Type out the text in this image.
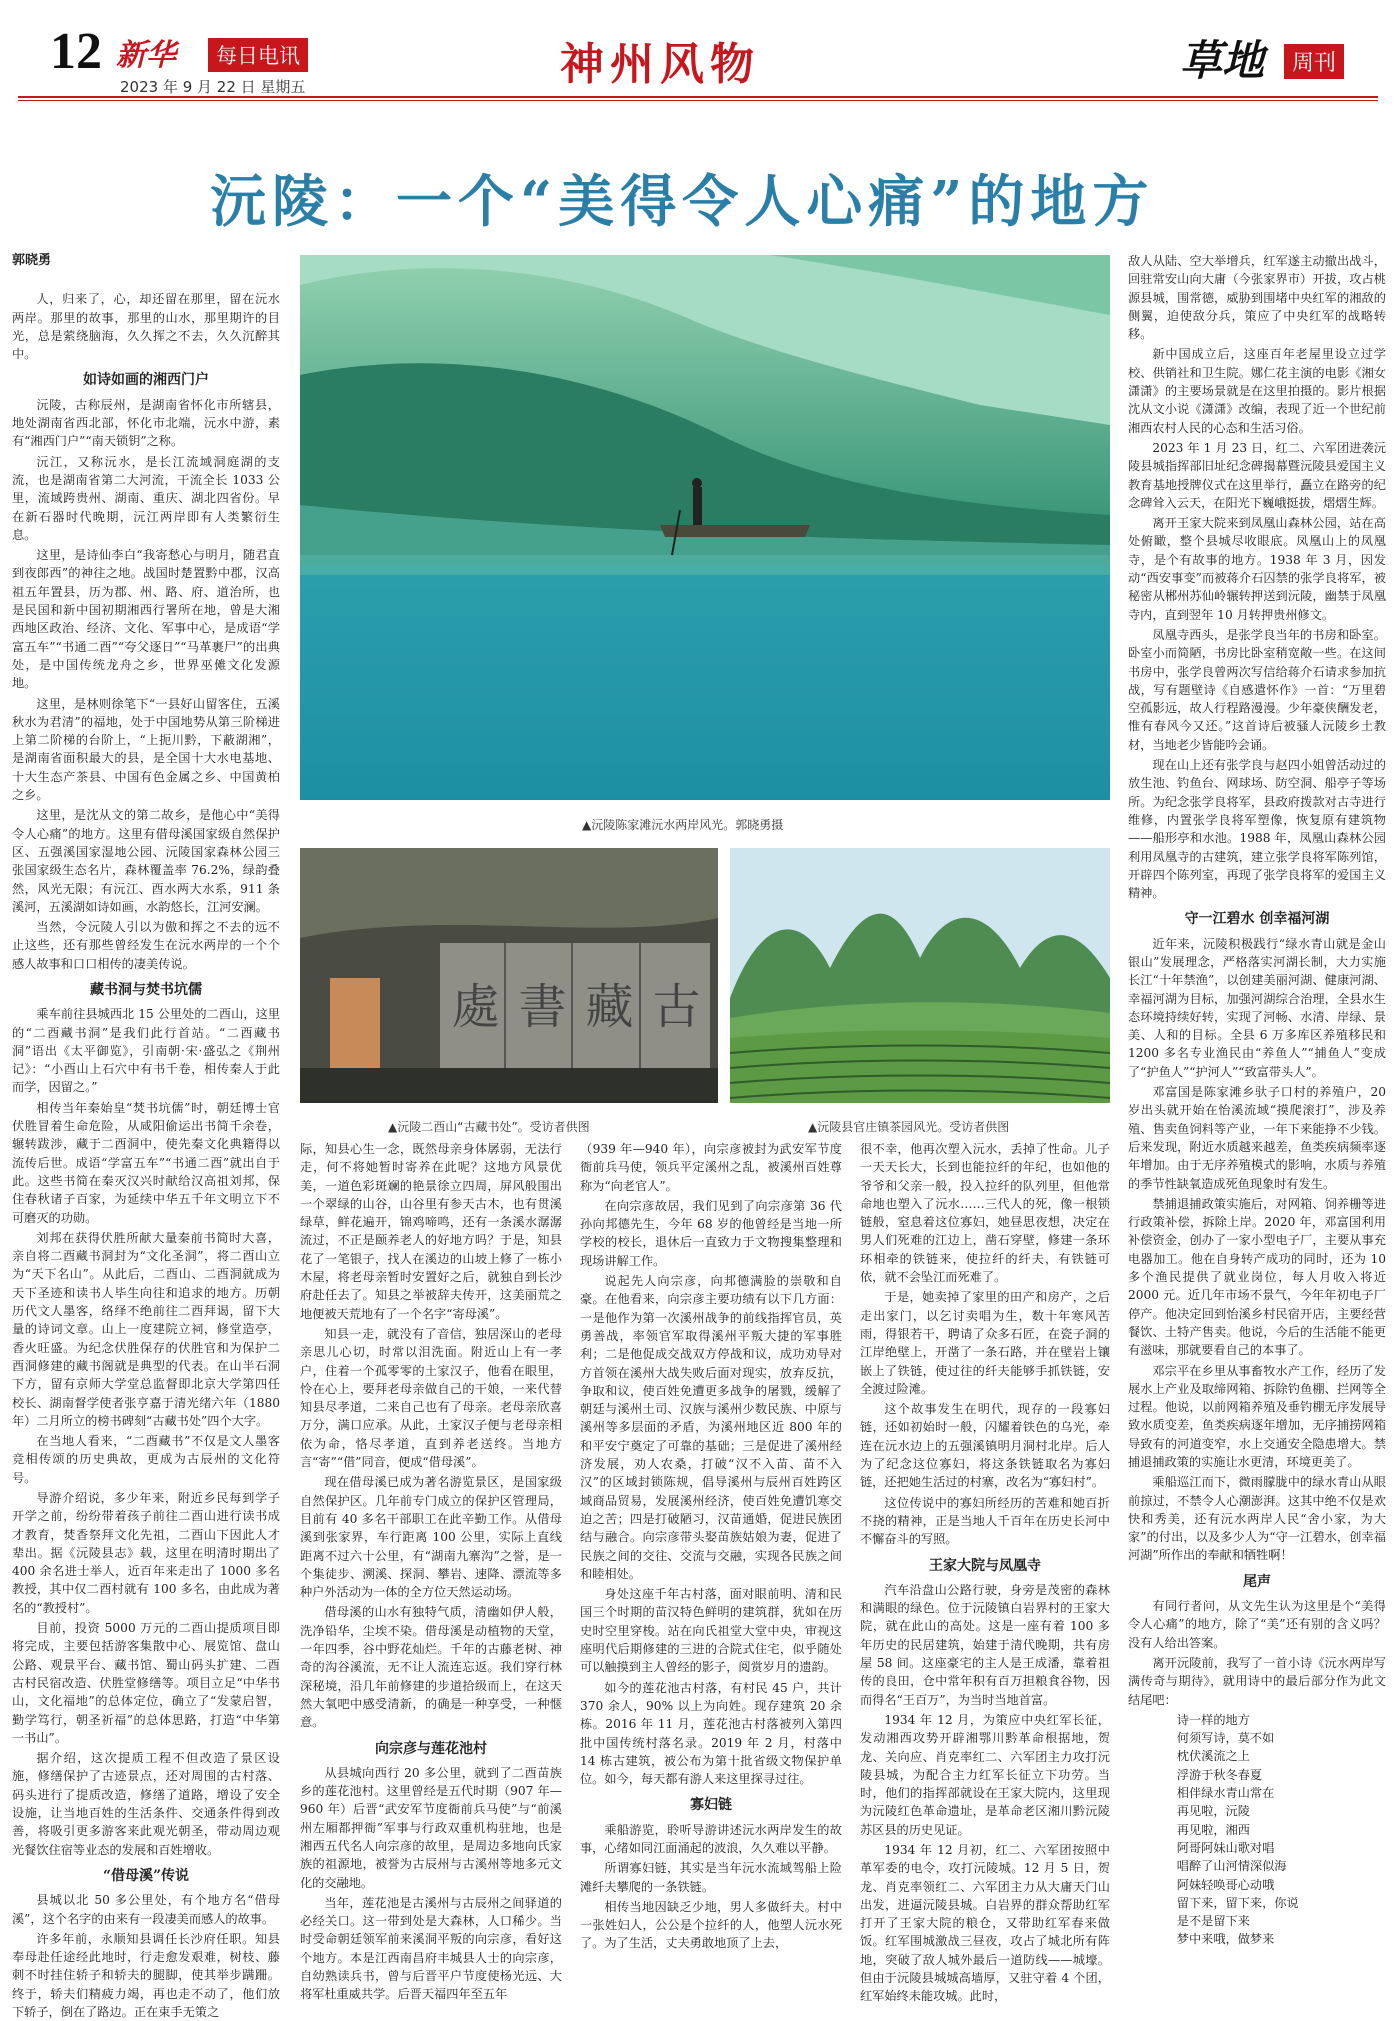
12 新华	每日电讯
2023 年 9 月 22 日 星期五	神州风物	草地	周刊
沅陵：一个“美得令人心痛”的地方
▲沅陵陈家滩沅水两岸风光。郭晓勇摄
古
藏
書
處
▲沅陵二酉山“古藏书处”。受访者供图	▲沅陵县官庄镇茶园风光。受访者供图

郭晓勇

人，归来了，心，却还留在那里，留在沅水两岸。那里的故事，那里的山水，那里期许的目光，总是萦绕脑海，久久挥之不去，久久沉醉其中。

如诗如画的湘西门户

沅陵，古称辰州，是湖南省怀化市所辖县，地处湖南省西北部，怀化市北端，沅水中游，素有“湘西门户”“南天锁钥”之称。

沅江，又称沅水，是长江流域洞庭湖的支流，也是湖南省第二大河流，干流全长 1033 公里，流域跨贵州、湖南、重庆、湖北四省份。早在新石器时代晚期，沅江两岸即有人类繁衍生息。

这里，是诗仙李白“我寄愁心与明月，随君直到夜郎西”的神往之地。战国时楚置黔中郡，汉高祖五年置县，历为郡、州、路、府、道治所，也是民国和新中国初期湘西行署所在地，曾是大湘西地区政治、经济、文化、军事中心，是成语“学富五车”“书通二酉”“夸父逐日”“马革裹尸”的出典处，是中国传统龙舟之乡，世界巫傩文化发源地。

这里，是林则徐笔下“一县好山留客住，五溪秋水为君清”的福地，处于中国地势从第三阶梯进上第二阶梯的台阶上，“上扼川黔，下蔽湖湘”，是湖南省面积最大的县，是全国十大水电基地、十大生态产茶县、中国有色金属之乡、中国黄柏之乡。

这里，是沈从文的第二故乡，是他心中“美得令人心痛”的地方。这里有借母溪国家级自然保护区、五强溪国家湿地公园、沅陵国家森林公园三张国家级生态名片，森林覆盖率 76.2%，绿韵叠然，风光无限；有沅江、酉水两大水系，911 条溪河，五溪湖如诗如画，水韵悠长，江河安澜。

当然，令沅陵人引以为傲和挥之不去的远不止这些，还有那些曾经发生在沅水两岸的一个个感人故事和口口相传的凄美传说。

藏书洞与焚书坑儒

乘车前往县城西北 15 公里处的二酉山，这里的“二酉藏书洞”是我们此行首站。“二酉藏书洞”语出《太平御览》，引南朝·宋·盛弘之《荆州记》：“小酉山上石穴中有书千卷，相传秦人于此而学，因留之。”

相传当年秦始皇“焚书坑儒”时，朝廷博士官伏胜冒着生命危险，从咸阳偷运出书简千余卷，辗转跋涉，藏于二酉洞中，使先秦文化典籍得以流传后世。成语“学富五车”“书通二酉”就出自于此。这些书简在秦灭汉兴时献给汉高祖刘邦，保住春秋诸子百家，为延续中华五千年文明立下不可磨灭的功勋。

刘邦在获得伏胜所献大量秦前书简时大喜，亲自将二酉藏书洞封为“文化圣洞”，将二酉山立为“天下名山”。从此后，二酉山、二酉洞就成为天下圣迹和读书人毕生向往和追求的地方。历朝历代文人墨客，络绎不绝前往二酉拜谒，留下大量的诗词文章。山上一度建院立祠，修堂造亭，香火旺盛。为纪念伏胜保存的伏胜官和为保护二酉洞修建的藏书阁就是典型的代表。在山半石洞下方，留有京师大学堂总监督即北京大学第四任校长、湖南督学使者张亨嘉于清光绪六年（1880 年）二月所立的榜书碑刻“古藏书处”四个大字。

在当地人看来，“二酉藏书”不仅是文人墨客竞相传颂的历史典故，更成为古辰州的文化符号。

导游介绍说，多少年来，附近乡民每到学子开学之前，纷纷带着孩子前往二酉山进行读书成才教育，焚香祭拜文化先祖，二酉山下因此人才辈出。据《沅陵县志》载，这里在明清时期出了 400 余名进士举人，近百年来走出了 1000 多名教授，其中仅二酉村就有 100 多名，由此成为著名的“教授村”。

目前，投资 5000 万元的二酉山提质项目即将完成，主要包括游客集散中心、展览馆、盘山公路、观景平台、藏书馆、蜀山码头扩建、二酉古村民宿改造、伏胜堂修缮等。项目立足“中华书山，文化福地”的总体定位，确立了“发蒙启智，勤学笃行，朝圣祈福”的总体思路，打造“中华第一书山”。

据介绍，这次提质工程不但改造了景区设施，修缮保护了古迹景点，还对周围的古村落、码头进行了提质改造，修缮了道路，增设了安全设施，让当地百姓的生活条件、交通条件得到改善，将吸引更多游客来此观光朝圣，带动周边观光餐饮住宿等业态的发展和百姓增收。

“借母溪”传说

县城以北 50 多公里处，有个地方名“借母溪”，这个名字的由来有一段凄美而感人的故事。

许多年前，永顺知县调任长沙府任职。知县奉母赴任途经此地时，行走愈发艰难，树枝、藤刺不时挂住轿子和轿夫的腿脚，使其举步蹒跚。终于，轿夫们精疲力竭，再也走不动了，他们放下轿子，倒在了路边。正在束手无策之

际，知县心生一念，既然母亲身体孱弱，无法行走，何不将她暂时寄养在此呢？这地方风景优美，一道色彩斑斓的艳景徐立四周，屏风般围出一个翠绿的山谷，山谷里有参天古木，也有贯溪绿草，鲜花遍开，锦鸡啼鸣，还有一条溪水潺潺流过，不正是颐养老人的好地方吗？于是，知县花了一笔银子，找人在溪边的山坡上修了一栋小木屋，将老母亲暂时安置好之后，就独自到长沙府赴任去了。知县之举被辞夫传开，这美丽荒之地便被天荒地有了一个名字“寄母溪”。

知县一走，就没有了音信，独居深山的老母亲思儿心切，时常以泪洗面。附近山上有一孝户，住着一个孤零零的土家汉子，他看在眼里，怜在心上，要拜老母亲做自己的干娘，一来代替知县尽孝道，二来自己也有了母亲。老母亲欣喜万分，满口应承。从此，土家汉子便与老母亲相依为命，恪尽孝道，直到养老送终。当地方言“寄”“借”同音，便成“借母溪”。

现在借母溪已成为著名游览景区，是国家级自然保护区。几年前专门成立的保护区管理局，目前有 40 多名干部职工在此辛勤工作。从借母溪到张家界，车行距离 100 公里，实际上直线距离不过六十公里，有“湖南九寨沟”之誉，是一个集徒步、溯溪、探洞、攀岩、速降、漂流等多种户外活动为一体的全方位天然运动场。

借母溪的山水有独特气质，清幽如伊人般，洗净铅华，尘埃不染。借母溪是动植物的天堂，一年四季，谷中野花灿烂。千年的古藤老树、神奇的沟谷溪流，无不让人流连忘返。我们穿行林深秘境，沿几年前修建的步道拾级而上，在这天然大氧吧中感受清新，的确是一种享受，一种惬意。

向宗彦与莲花池村

从县城向西行 20 多公里，就到了二酉苗族乡的莲花池村。这里曾经是五代时期（907 年—960 年）后晋“武安军节度衙前兵马使”与“前溪州左厢都押衙”军事与行政双重机构驻地，也是湘西五代名人向宗彦的故里，是周边多地向氏家族的祖源地，被誉为古辰州与古溪州等地多元文化的交融地。

当年，莲花池是古溪州与古辰州之间驿道的必经关口。这一带到处是大森林，人口稀少。当时受命朝廷领军前来溪洞平叛的向宗彦，看好这个地方。本是江西南昌府丰城县人士的向宗彦，自幼熟读兵书，曾与后晋平户节度使杨光远、大将军杜重威共学。后晋天福四年至五年

（939 年—940 年），向宗彦被封为武安军节度衙前兵马使，领兵平定溪州之乱，被溪州百姓尊称为“向老官人”。

在向宗彦故居，我们见到了向宗彦第 36 代孙向邦德先生，今年 68 岁的他曾经是当地一所学校的校长，退休后一直致力于文物搜集整理和现场讲解工作。

说起先人向宗彦，向邦德满脸的崇敬和自豪。在他看来，向宗彦主要功绩有以下几方面：一是他作为第一次溪州战争的前线指挥官员，英勇善战，率领官军取得溪州平叛大捷的军事胜利；二是他促成交战双方停战和议，成功劝导对方首领在溪州大战失败后面对现实，放弃反抗，争取和议，使百姓免遭更多战争的屠戮，缓解了朝廷与溪州土司、汉族与溪州少数民族、中原与溪州等多层面的矛盾，为溪州地区近 800 年的和平安宁奠定了可靠的基础；三是促进了溪州经济发展，劝人农桑，打破“汉不入苗、苗不入汉”的区域封锁陈规，倡导溪州与辰州百姓跨区域商品贸易，发展溪州经济，使百姓免遭饥寒交迫之苦；四是打破陋习，汉苗通婚，促进民族团结与融合。向宗彦带头娶苗族姑娘为妻，促进了民族之间的交往、交流与交融，实现各民族之间和睦相处。

身处这座千年古村落，面对眼前明、清和民国三个时期的苗汉特色鲜明的建筑群，犹如在历史时空里穿梭。站在向氏祖堂大堂中央，审视这座明代后期修建的三进的合院式住宅，似乎随处可以触摸到主人曾经的影子，阅赏岁月的遗韵。

如今的莲花池古村落，有村民 45 户，共计 370 余人，90% 以上为向姓。现存建筑 20 余栋。2016 年 11 月，莲花池古村落被列入第四批中国传统村落名录。2019 年 2 月，村落中 14 栋古建筑，被公布为第十批省级文物保护单位。如今，每天都有游人来这里探寻过往。

寡妇链

乘船游览，聆听导游讲述沅水两岸发生的故事，心绪如同江面涌起的波浪，久久难以平静。

所谓寡妇链，其实是当年沅水流域驾船上险滩纤夫攀爬的一条铁链。

相传当地因缺乏少地，男人多做纤夫。村中一张姓妇人，公公是个拉纤的人，他塑人沅水死了。为了生活，丈夫勇敢地顶了上去，

很不幸，他再次塑入沅水，丢掉了性命。儿子一天天长大，长到也能拉纤的年纪，也如他的爷爷和父亲一般，投入拉纤的队列里，但他常命地也塑入了沅水……三代人的死，像一根锁链般，窒息着这位寡妇，她昼思夜想，决定在男人们死难的江边上，凿石穿壁，修建一条环环相牵的铁链来，使拉纤的纤夫，有铁链可依，就不会坠江而死难了。

于是，她卖掉了家里的田产和房产，之后走出家门，以乞讨卖唱为生，数十年寒风苦雨，得银若干，聘请了众多石匠，在瓷子洞的江岸绝壁上，开凿了一条石路，并在壁岩上镶嵌上了铁链，使过往的纤夫能够手抓铁链，安全渡过险滩。

这个故事发生在明代，现存的一段寡妇链，还如初始时一般，闪耀着铁色的乌光，牵连在沅水边上的五强溪镇明月洞村北岸。后人为了纪念这位寡妇，将这条铁链取名为寡妇链，还把她生活过的村寨，改名为“寡妇村”。

这位传说中的寡妇所经历的苦难和她百折不挠的精神，正是当地人千百年在历史长河中不懈奋斗的写照。

王家大院与凤凰寺

汽车沿盘山公路行驶，身旁是茂密的森林和满眼的绿色。位于沅陵镇白岩界村的王家大院，就在此山的高处。这是一座有着 100 多年历史的民居建筑，始建于清代晚期，共有房屋 58 间。这座豪宅的主人是王成潘，靠着祖传的良田，仓中常年积有百万担粮食谷物，因而得名“王百万”，为当时当地首富。

1934 年 12 月，为策应中央红军长征，发动湘西攻势开辟湘鄂川黔革命根据地，贺龙、关向应、肖克率红二、六军团主力攻打沅陵县城，为配合主力红军长征立下功劳。当时，他们的指挥部就设在王家大院内，这里现为沅陵红色革命遗址，是革命老区湘川黔沅陵苏区县的历史见证。

1934 年 12 月初，红二、六军团按照中革军委的电令，攻打沅陵城。12 月 5 日，贺龙、肖克率领红二、六军团主力从大庸天门山出发，进逼沅陵县城。白岩界的群众帮助红军打开了王家大院的粮仓，又带助红军春来做饭。红军围城激战三昼夜，攻占了城北所有阵地，突破了敌人城外最后一道防线——城壕。但由于沅陵县城城高墙厚，又驻守着 4 个团，红军始终未能攻城。此时，

敌人从陆、空大举增兵，红军遂主动撤出战斗，回驻常安山向大庸（今张家界市）开拔，攻占桃源县城，围常德，威胁到围堵中央红军的湘敌的侧翼，迫使敌分兵，策应了中央红军的战略转移。

新中国成立后，这座百年老屋里设立过学校、供销社和卫生院。娜仁花主演的电影《湘女潇潇》的主要场景就是在这里拍摄的。影片根据沈从文小说《潇潇》改编，表现了近一个世纪前湘西农村人民的心态和生活习俗。

2023 年 1 月 23 日，红二、六军团进袭沅陵县城指挥部旧址纪念碑揭幕暨沅陵县爱国主义教育基地授牌仪式在这里举行，矗立在路旁的纪念碑耸入云天，在阳光下巍峨挺拔，熠熠生辉。

离开王家大院来到凤凰山森林公园，站在高处俯瞰，整个县城尽收眼底。凤凰山上的凤凰寺，是个有故事的地方。1938 年 3 月，因发动“西安事变”而被蒋介石囚禁的张学良将军，被秘密从郴州苏仙岭辗转押送到沅陵，幽禁于凤凰寺内，直到翌年 10 月转押贵州修文。

凤凰寺西头，是张学良当年的书房和卧室。卧室小而简陋，书房比卧室稍宽敞一些。在这间书房中，张学良曾两次写信给蒋介石请求参加抗战，写有题壁诗《自感遣怀作》一首：“万里碧空孤影远，故人行程路漫漫。少年豪侠酬发老，惟有春风今又还。”这首诗后被骚人沅陵乡土教材，当地老少皆能吟会诵。

现在山上还有张学良与赵四小姐曾活动过的放生池、钓鱼台、网球场、防空洞、船亭子等场所。为纪念张学良将军，县政府拨款对古寺进行维修，内置张学良将军塑像，恢复原有建筑物——船形亭和水池。1988 年，凤凰山森林公园利用凤凰寺的古建筑，建立张学良将军陈列馆，开辟四个陈列室，再现了张学良将军的爱国主义精神。

守一江碧水 创幸福河湖

近年来，沅陵积极践行“绿水青山就是金山银山”发展理念，严格落实河湖长制，大力实施长江“十年禁渔”，以创建美丽河湖、健康河湖、幸福河湖为目标，加强河湖综合治理，全县水生态环境持续好转，实现了河畅、水清、岸绿、景美、人和的目标。全县 6 万多库区养殖移民和 1200 多名专业渔民由“养鱼人”“捕鱼人”变成了“护鱼人”“护河人”“致富带头人”。

邓富国是陈家滩乡驮子口村的养殖户，20 岁出头就开始在怡溪流域“摸爬滚打”，涉及养殖、售卖鱼饲料等产业，一年下来能挣不少钱。后来发现，附近水质越来越差，鱼类疾病频率逐年增加。由于无序养殖模式的影响，水质与养殖的季节性缺氧造成死鱼现象时有发生。

禁捕退捕政策实施后，对网箱、饲养栅等进行政策补偿，拆除上岸。2020 年，邓富国利用补偿资金，创办了一家小型电子厂，主要从事充电器加工。他在自身转产成功的同时，还为 10 多个渔民提供了就业岗位，每人月收入将近 2000 元。近几年市场不景气，今年年初电子厂停产。他决定回到怡溪乡村民宿开店，主要经营餐饮、土特产售卖。他说，今后的生活能不能更有滋味，那就要看自己的本事了。

邓宗平在乡里从事畜牧水产工作，经历了发展水上产业及取缔网箱、拆除钓鱼棚、拦网等全过程。他说，以前网箱养殖及垂钓棚无序发展导致水质变差，鱼类疾病逐年增加，无序捕捞网箱导致有的河道变窄，水上交通安全隐患增大。禁捕退捕政策的实施让水更清，环境更美了。

乘船巡江而下，微雨朦胧中的绿水青山从眼前掠过，不禁令人心潮澎湃。这其中绝不仅是欢快和秀美，还有沅水两岸人民“舍小家，为大家”的付出，以及多少人为“守一江碧水，创幸福河湖”所作出的奉献和牺牲啊！

尾声

有同行者问，从文先生认为这里是个“美得令人心痛”的地方，除了“美”还有别的含义吗？没有人给出答案。

离开沅陵前，我写了一首小诗《沅水两岸写满传奇与期待》，就用诗中的最后部分作为此文结尾吧：

诗一样的地方

何须写诗，莫不如

枕伏溪流之上

浮游于秋冬春夏

相伴绿水青山常在

再见啦，沅陵

再见啦，湘西

阿哥阿妹山歌对唱

唱醉了山河情深似海

阿妹轻唤哥心动哦

留下来，留下来，你说

是不是留下来

梦中来哦，做梦来
